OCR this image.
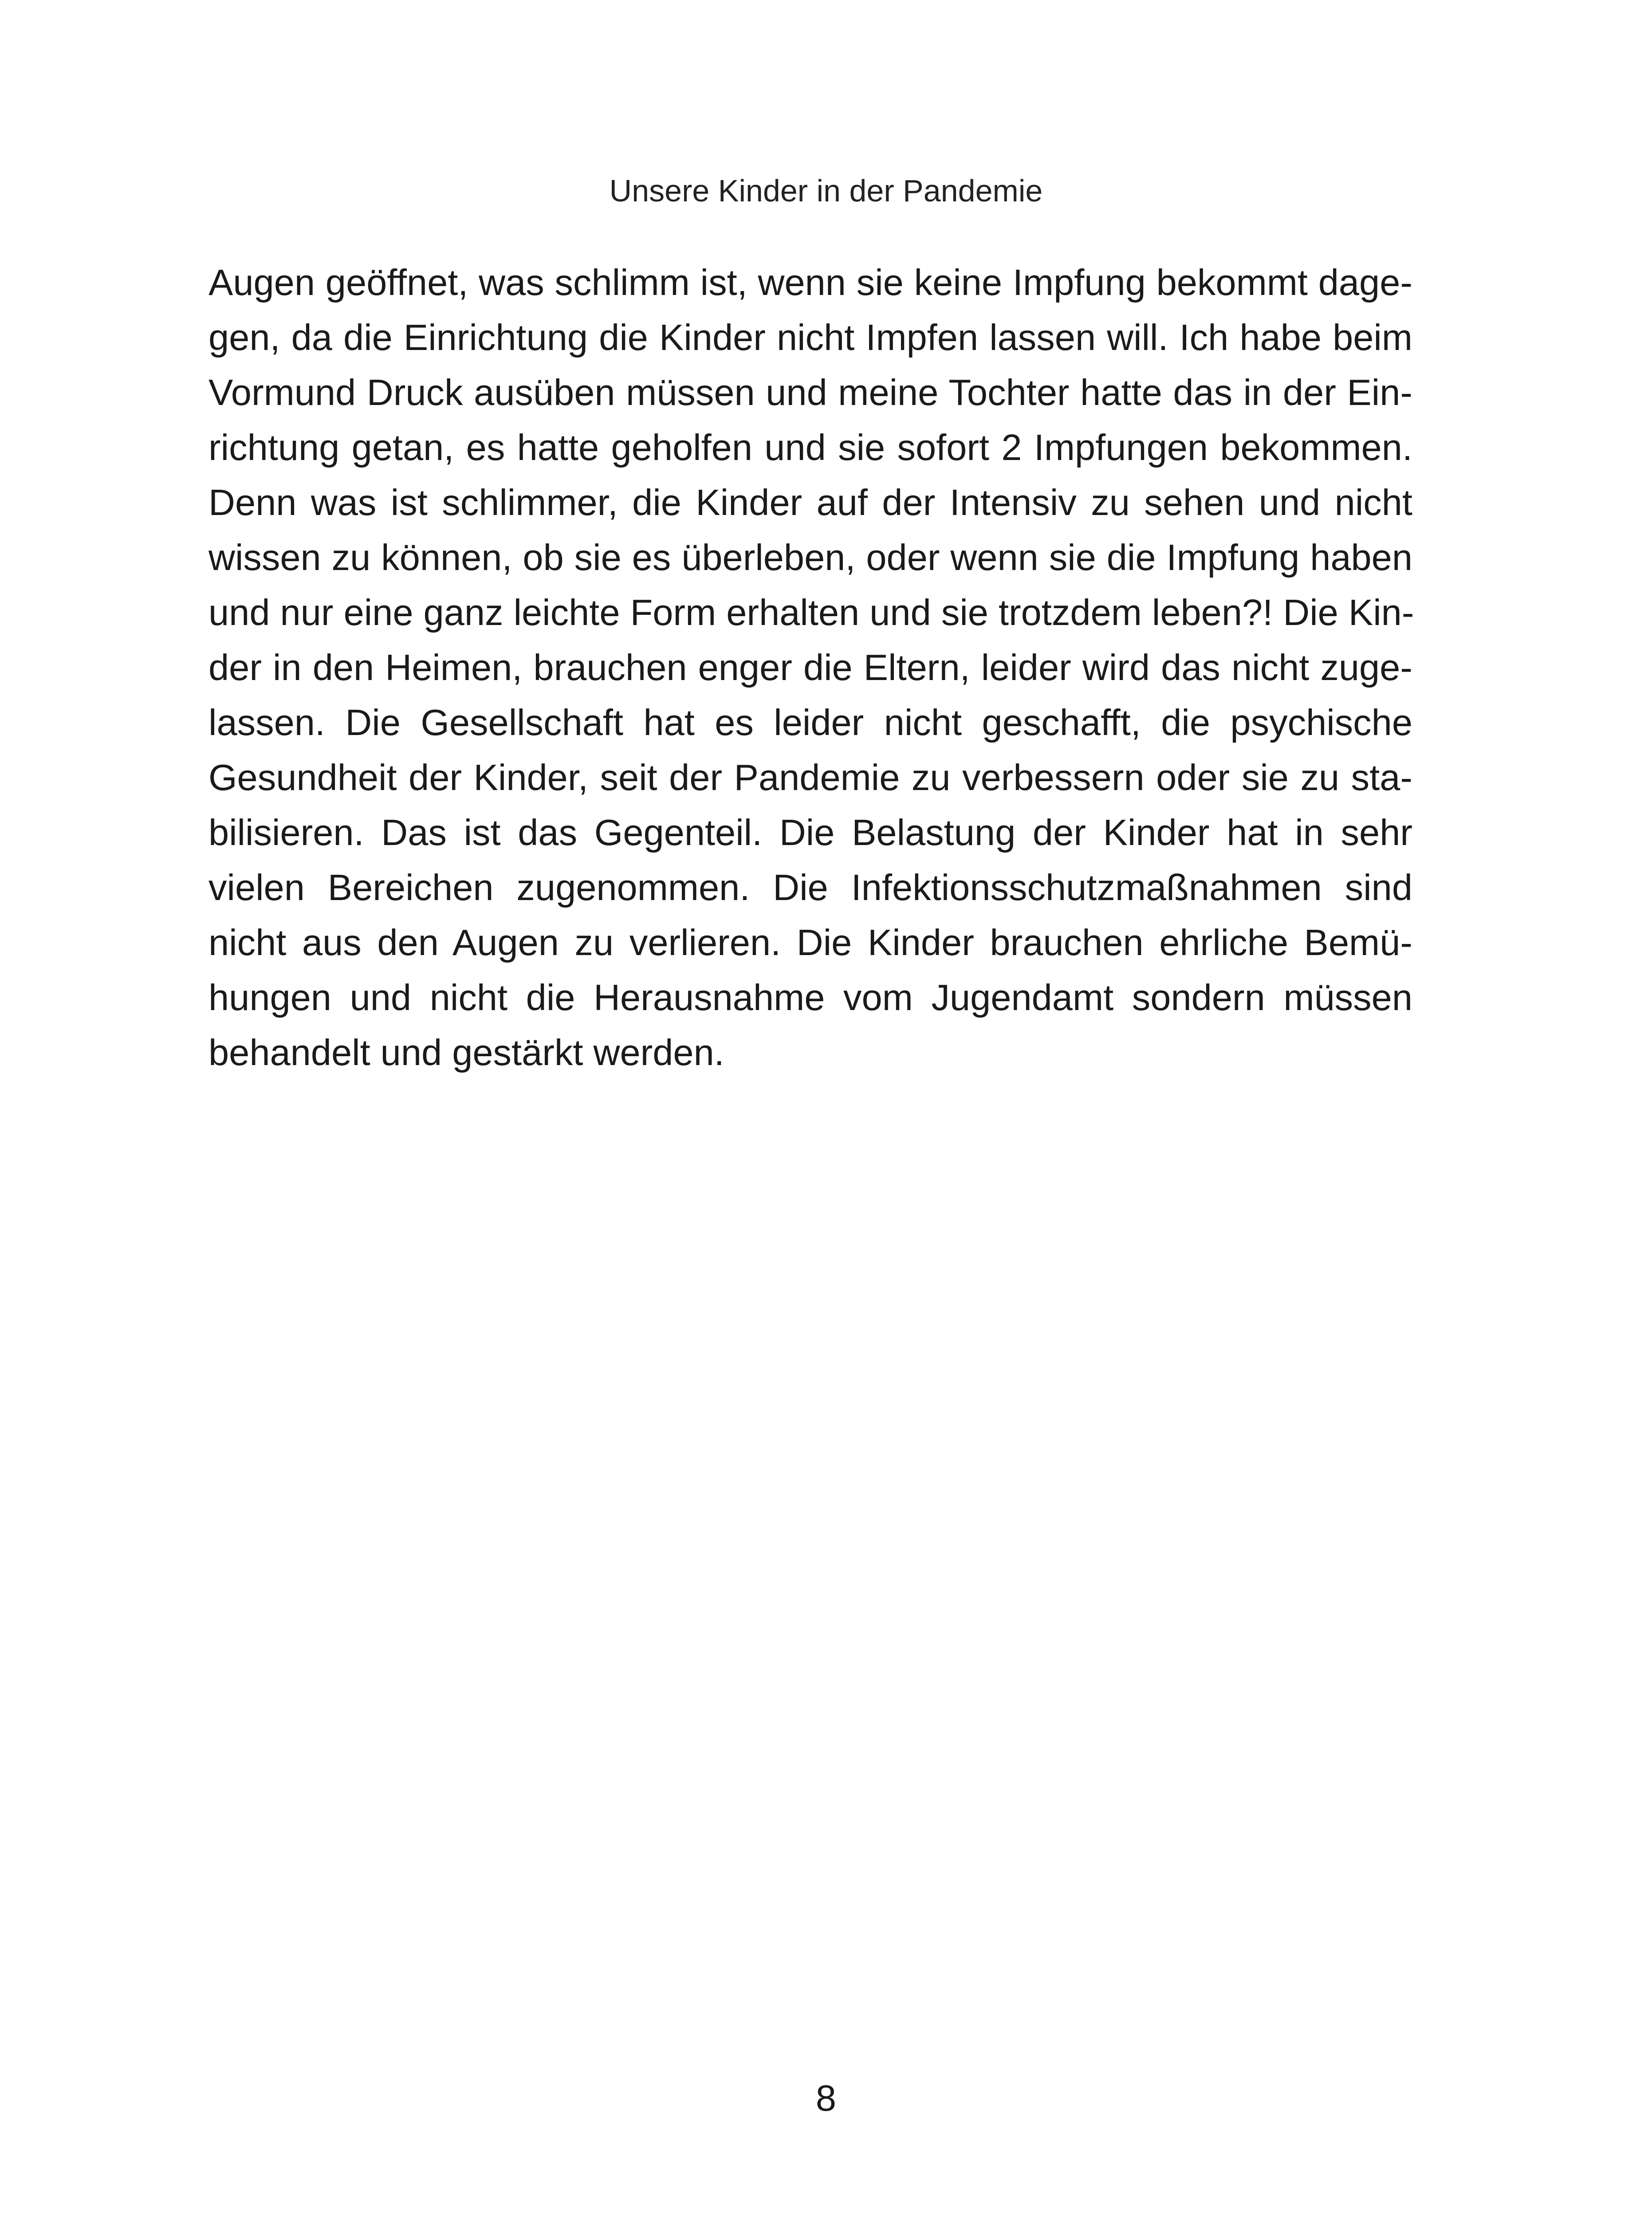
Unsere Kinder in der Pandemie
Augen geöffnet, was schlimm ist, wenn sie keine Impfung bekommt dage-
gen, da die Einrichtung die Kinder nicht Impfen lassen will. Ich habe beim
Vormund Druck ausüben müssen und meine Tochter hatte das in der Ein-
richtung getan, es hatte geholfen und sie sofort 2 Impfungen bekommen.
Denn was ist schlimmer, die Kinder auf der Intensiv zu sehen und nicht
wissen zu können, ob sie es überleben, oder wenn sie die Impfung haben
und nur eine ganz leichte Form erhalten und sie trotzdem leben?! Die Kin-
der in den Heimen, brauchen enger die Eltern, leider wird das nicht zuge-
lassen. Die Gesellschaft hat es leider nicht geschafft, die psychische
Gesundheit der Kinder, seit der Pandemie zu verbessern oder sie zu sta-
bilisieren. Das ist das Gegenteil. Die Belastung der Kinder hat in sehr
vielen Bereichen zugenommen. Die Infektionsschutzmaßnahmen sind
nicht aus den Augen zu verlieren. Die Kinder brauchen ehrliche Bemü-
hungen und nicht die Herausnahme vom Jugendamt sondern müssen
behandelt und gestärkt werden.
8
